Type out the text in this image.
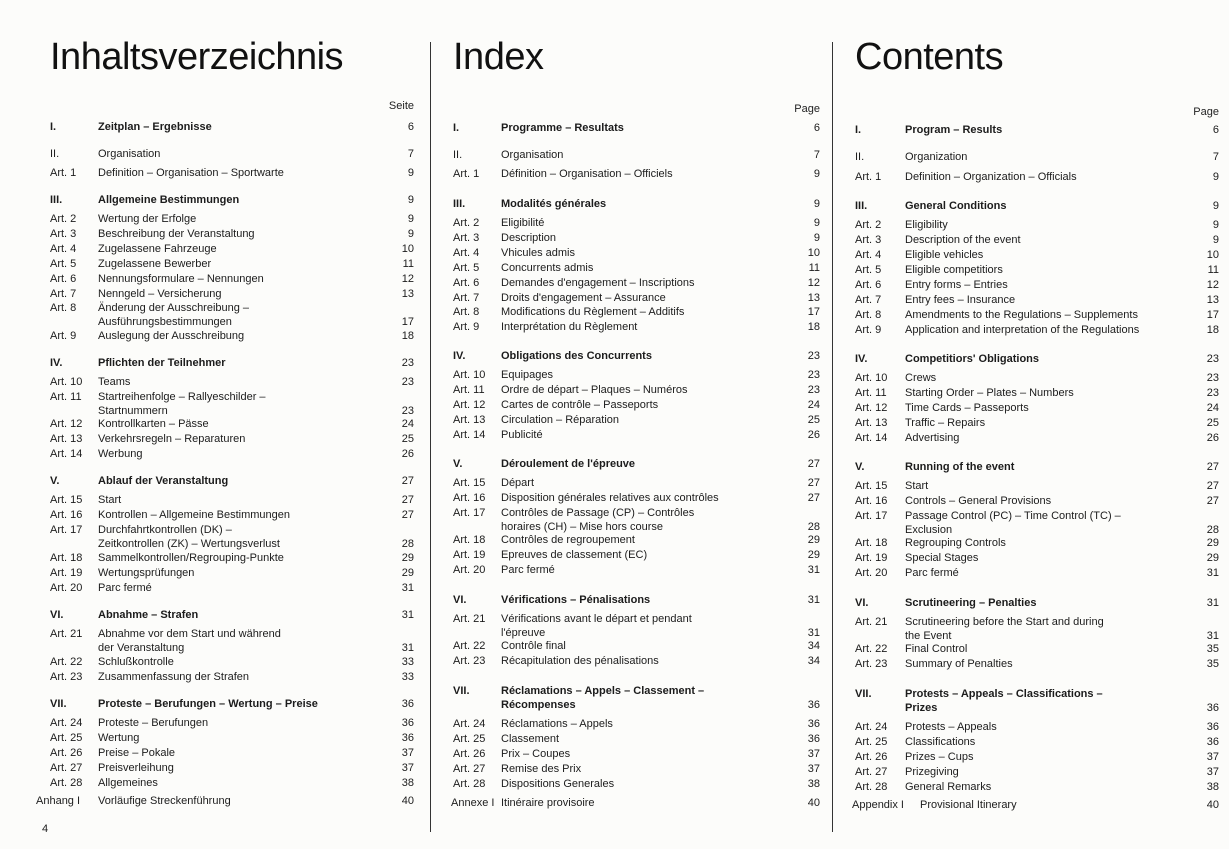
Inhaltsverzeichnis
Seite
I.	Zeitplan – Ergebnisse	6
II.	Organisation	7
Art. 1 Definition – Organisation – Sportwarte	9
III.	Allgemeine Bestimmungen	9
Art. 2 Wertung der Erfolge	9
Art. 3 Beschreibung der Veranstaltung	9
Art. 4 Zugelassene Fahrzeuge	10
Art. 5 Zugelassene Bewerber	11
Art. 6 Nennungsformulare – Nennungen	12
Art. 7 Nenngeld – Versicherung	13
Art. 8 Änderung der Ausschreibung –
Ausführungsbestimmungen	17
Art. 9 Auslegung der Ausschreibung	18
IV.	Pflichten der Teilnehmer	23
Art. 10 Teams	23
Art. 11 Startreihenfolge – Rallyeschilder –
Startnummern	23
Art. 12 Kontrollkarten – Pässe	24
Art. 13 Verkehrsregeln – Reparaturen	25
Art. 14 Werbung	26
V.	Ablauf der Veranstaltung	27
Art. 15 Start	27
Art. 16 Kontrollen – Allgemeine Bestimmungen	27
Art. 17 Durchfahrtkontrollen (DK) –
Zeitkontrollen (ZK) – Wertungsverlust	28
Art. 18 Sammelkontrollen/Regrouping-Punkte	29
Art. 19 Wertungsprüfungen	29
Art. 20 Parc fermé	31
VI.	Abnahme – Strafen	31
Art. 21 Abnahme vor dem Start und während
der Veranstaltung	31
Art. 22 Schlußkontrolle	33
Art. 23 Zusammenfassung der Strafen	33
VII.	Proteste – Berufungen – Wertung – Preise	36
Art. 24 Proteste – Berufungen	36
Art. 25 Wertung	36
Art. 26 Preise – Pokale	37
Art. 27 Preisverleihung	37
Art. 28 Allgemeines	38
Anhang I Vorläufige Streckenführung	40
Index
Page
I.	Programme – Resultats	6
II.	Organisation	7
Art. 1 Définition – Organisation – Officiels	9
III.	Modalités générales	9
Art. 2 Eligibilité	9
Art. 3 Description	9
Art. 4 Vhicules admis	10
Art. 5 Concurrents admis	11
Art. 6 Demandes d'engagement – Inscriptions	12
Art. 7 Droits d'engagement – Assurance	13
Art. 8 Modifications du Règlement – Additifs	17
Art. 9 Interprétation du Règlement	18
IV.	Obligations des Concurrents	23
Art. 10 Equipages	23
Art. 11 Ordre de départ – Plaques – Numéros	23
Art. 12 Cartes de contrôle – Passeports	24
Art. 13 Circulation – Réparation	25
Art. 14 Publicité	26
V.	Déroulement de l'épreuve	27
Art. 15 Départ	27
Art. 16 Disposition générales relatives aux contrôles	27
Art. 17 Contrôles de Passage (CP) – Contrôles
horaires (CH) – Mise hors course	28
Art. 18 Contrôles de regroupement	29
Art. 19 Epreuves de classement (EC)	29
Art. 20 Parc fermé	31
VI.	Vérifications – Pénalisations	31
Art. 21 Vérifications avant le départ et pendant
l'épreuve	31
Art. 22 Contrôle final	34
Art. 23 Récapitulation des pénalisations	34
VII.	Réclamations – Appels – Classement –
Récompenses	36
Art. 24 Réclamations – Appels	36
Art. 25 Classement	36
Art. 26 Prix – Coupes	37
Art. 27 Remise des Prix	37
Art. 28 Dispositions Generales	38
Annexe I Itinéraire provisoire	40
Contents
Page
I.	Program – Results	6
II.	Organization	7
Art. 1 Definition – Organization – Officials	9
III.	General Conditions	9
Art. 2 Eligibility	9
Art. 3 Description of the event	9
Art. 4 Eligible vehicles	10
Art. 5 Eligible competitiors	11
Art. 6 Entry forms – Entries	12
Art. 7 Entry fees – Insurance	13
Art. 8 Amendments to the Regulations – Supplements	17
Art. 9 Application and interpretation of the Regulations	18
IV.	Competitiors' Obligations	23
Art. 10 Crews	23
Art. 11 Starting Order – Plates – Numbers	23
Art. 12 Time Cards – Passeports	24
Art. 13 Traffic – Repairs	25
Art. 14 Advertising	26
V.	Running of the event	27
Art. 15 Start	27
Art. 16 Controls – General Provisions	27
Art. 17 Passage Control (PC) – Time Control (TC) –
Exclusion	28
Art. 18 Regrouping Controls	29
Art. 19 Special Stages	29
Art. 20 Parc fermé	31
VI.	Scrutineering – Penalties	31
Art. 21 Scrutineering before the Start and during
the Event	31
Art. 22 Final Control	35
Art. 23 Summary of Penalties	35
VII.	Protests – Appeals – Classifications –
Prizes	36
Art. 24 Protests – Appeals	36
Art. 25 Classifications	36
Art. 26 Prizes – Cups	37
Art. 27 Prizegiving	37
Art. 28 General Remarks	38
Appendix I Provisional Itinerary	40
4
